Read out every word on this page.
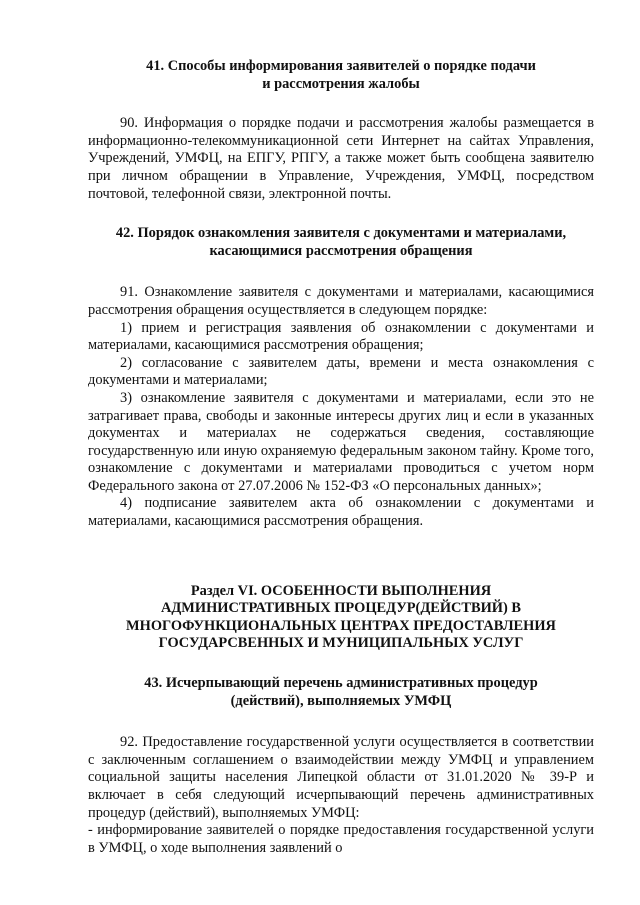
41. Способы информирования заявителей о порядке подачи
и рассмотрения жалобы

90. Информация о порядке подачи и рассмотрения жалобы размещается в информационно-телекоммуникационной сети Интернет на сайтах Управления, Учреждений, УМФЦ, на ЕПГУ, РПГУ, а также может быть сообщена заявителю при личном обращении в Управление, Учреждения, УМФЦ, посредством почтовой, телефонной связи, электронной почты.

42. Порядок ознакомления заявителя с документами и материалами,
касающимися рассмотрения обращения

91. Ознакомление заявителя с документами и материалами, касающимися рассмотрения обращения осуществляется в следующем порядке:

1) прием и регистрация заявления об ознакомлении с документами и материалами, касающимися рассмотрения обращения;

2) согласование с заявителем даты, времени и места ознакомления с документами и материалами;

3) ознакомление заявителя с документами и материалами, если это не затрагивает права, свободы и законные интересы других лиц и если в указанных документах и материалах не содержаться сведения, составляющие государственную или иную охраняемую федеральным законом тайну. Кроме того, ознакомление с документами и материалами проводиться с учетом норм Федерального закона от 27.07.2006 № 152-ФЗ «О персональных данных»;

4) подписание заявителем акта об ознакомлении с документами и материалами, касающимися рассмотрения обращения.

Раздел VI. ОСОБЕННОСТИ ВЫПОЛНЕНИЯ
АДМИНИСТРАТИВНЫХ ПРОЦЕДУР(ДЕЙСТВИЙ) В
МНОГОФУНКЦИОНАЛЬНЫХ ЦЕНТРАХ ПРЕДОСТАВЛЕНИЯ
ГОСУДАРСВЕННЫХ И МУНИЦИПАЛЬНЫХ УСЛУГ
43. Исчерпывающий перечень административных процедур
(действий), выполняемых УМФЦ

92. Предоставление государственной услуги осуществляется в соответствии с заключенным соглашением о взаимодействии между УМФЦ и управлением социальной защиты населения Липецкой области от 31.01.2020 № 39-Р и включает в себя следующий исчерпывающий перечень административных процедур (действий), выполняемых УМФЦ:

- информирование заявителей о порядке предоставления государственной услуги в УМФЦ, о ходе выполнения заявлений о
